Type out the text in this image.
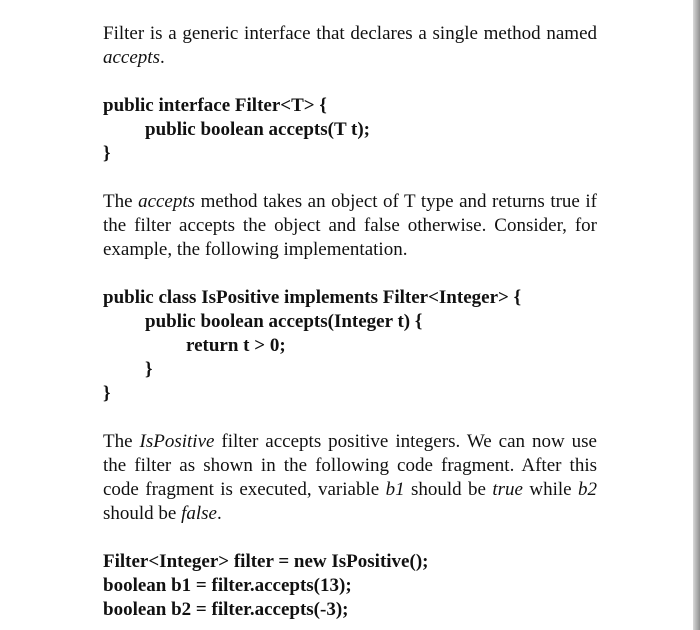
Filter is a generic interface that declares a single method named accepts.

public interface Filter<T> {
public boolean accepts(T t);
}

The accepts method takes an object of T type and returns true if the filter accepts the object and false otherwise. Consider, for example, the following implementation.

public class IsPositive implements Filter<Integer> {
public boolean accepts(Integer t) {
return t > 0;
}
}

The IsPositive filter accepts positive integers. We can now use the filter as shown in the following code fragment. After this code fragment is executed, variable b1 should be true while b2 should be false.

Filter<Integer> filter = new IsPositive();
boolean b1 = filter.accepts(13);
boolean b2 = filter.accepts(-3);
